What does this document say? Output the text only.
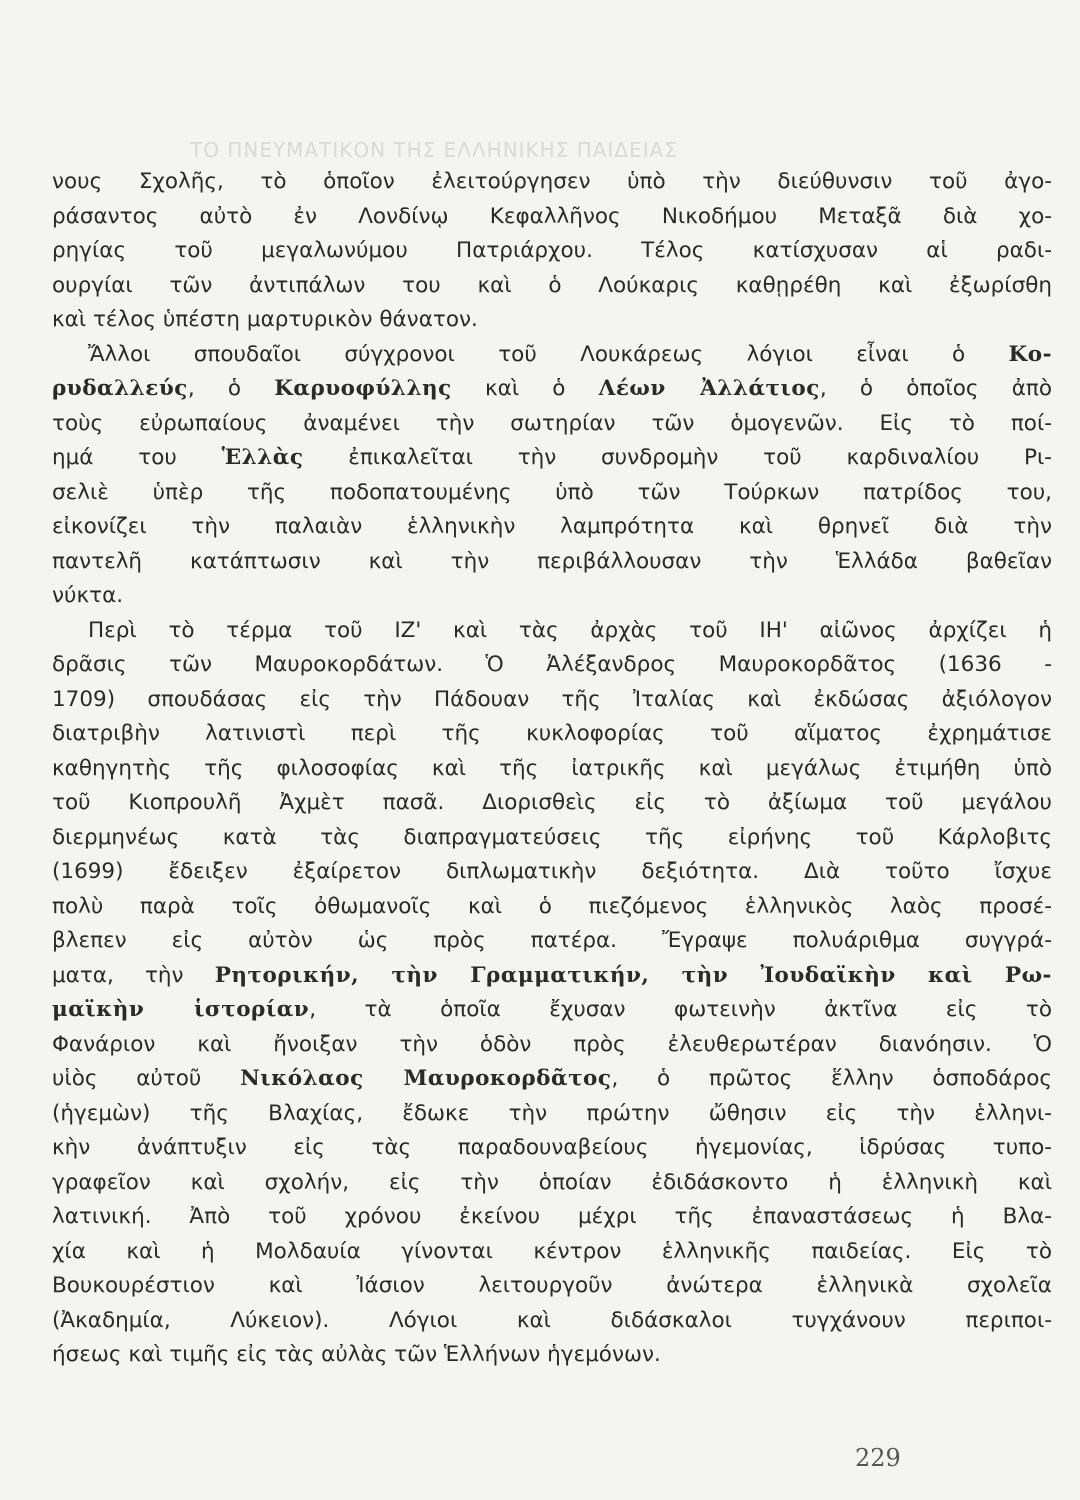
ΤΟ ΠΝΕΥΜΑΤΙΚΟΝ ΤΗΣ ΕΛΛΗΝΙΚΗΣ ΠΑΙΔΕΙΑΣ
νους Σχολῆς, τὸ ὁποῖον ἐλειτούργησεν ὑπὸ τὴν διεύθυνσιν τοῦ ἀγο-
ράσαντος αὐτὸ ἐν Λονδίνῳ Κεφαλλῆνος Νικοδήμου Μεταξᾶ διὰ χο-
ρηγίας τοῦ μεγαλωνύμου Πατριάρχου. Τέλος κατίσχυσαν αἱ ραδι-
ουργίαι τῶν ἀντιπάλων του καὶ ὁ Λούκαρις καθῃρέθη καὶ ἐξωρίσθη
καὶ τέλος ὑπέστη μαρτυρικὸν θάνατον.
Ἄλλοι σπουδαῖοι σύγχρονοι τοῦ Λουκάρεως λόγιοι εἶναι ὁ Κο-
ρυδαλλεύς, ὁ Καρυοφύλλης καὶ ὁ Λέων Ἀλλάτιος, ὁ ὁποῖος ἀπὸ
τοὺς εὐρωπαίους ἀναμένει τὴν σωτηρίαν τῶν ὁμογενῶν. Εἰς τὸ ποί-
ημά του Ἑλλὰς ἐπικαλεῖται τὴν συνδρομὴν τοῦ καρδιναλίου Ρι-
σελιὲ ὑπὲρ τῆς ποδοπατουμένης ὑπὸ τῶν Τούρκων πατρίδος του,
εἰκονίζει τὴν παλαιὰν ἑλληνικὴν λαμπρότητα καὶ θρηνεῖ διὰ τὴν
παντελῆ κατάπτωσιν καὶ τὴν περιβάλλουσαν τὴν Ἑλλάδα βαθεῖαν
νύκτα.
Περὶ τὸ τέρμα τοῦ ΙΖ' καὶ τὰς ἀρχὰς τοῦ ΙΗ' αἰῶνος ἀρχίζει ἡ
δρᾶσις τῶν Μαυροκορδάτων. Ὁ Ἀλέξανδρος Μαυροκορδᾶτος (1636 -
1709) σπουδάσας εἰς τὴν Πάδουαν τῆς Ἰταλίας καὶ ἐκδώσας ἀξιόλογον
διατριβὴν λατινιστὶ περὶ τῆς κυκλοφορίας τοῦ αἵματος ἐχρημάτισε
καθηγητὴς τῆς φιλοσοφίας καὶ τῆς ἰατρικῆς καὶ μεγάλως ἐτιμήθη ὑπὸ
τοῦ Κιοπρουλῆ Ἀχμὲτ πασᾶ. Διορισθεὶς εἰς τὸ ἀξίωμα τοῦ μεγάλου
διερμηνέως κατὰ τὰς διαπραγματεύσεις τῆς εἰρήνης τοῦ Κάρλοβιτς
(1699) ἔδειξεν ἐξαίρετον διπλωματικὴν δεξιότητα. Διὰ τοῦτο ἴσχυε
πολὺ παρὰ τοῖς ὀθωμανοῖς καὶ ὁ πιεζόμενος ἑλληνικὸς λαὸς προσέ-
βλεπεν εἰς αὐτὸν ὡς πρὸς πατέρα. Ἔγραψε πολυάριθμα συγγρά-
ματα, τὴν Ρητορικήν, τὴν Γραμματικήν, τὴν Ἰουδαϊκὴν καὶ Ρω-
μαϊκὴν ἱστορίαν, τὰ ὁποῖα ἔχυσαν φωτεινὴν ἀκτῖνα εἰς τὸ
Φανάριον καὶ ἤνοιξαν τὴν ὁδὸν πρὸς ἐλευθερωτέραν διανόησιν. Ὁ
υἱὸς αὐτοῦ Νικόλαος Μαυροκορδᾶτος, ὁ πρῶτος ἕλλην ὁσποδάρος
(ἡγεμὼν) τῆς Βλαχίας, ἔδωκε τὴν πρώτην ὤθησιν εἰς τὴν ἑλληνι-
κὴν ἀνάπτυξιν εἰς τὰς παραδουναβείους ἡγεμονίας, ἱδρύσας τυπο-
γραφεῖον καὶ σχολήν, εἰς τὴν ὁποίαν ἐδιδάσκοντο ἡ ἑλληνικὴ καὶ
λατινική. Ἀπὸ τοῦ χρόνου ἐκείνου μέχρι τῆς ἐπαναστάσεως ἡ Βλα-
χία καὶ ἡ Μολδαυία γίνονται κέντρον ἑλληνικῆς παιδείας. Εἰς τὸ
Βουκουρέστιον καὶ Ἰάσιον λειτουργοῦν ἀνώτερα ἑλληνικὰ σχολεῖα
(Ἀκαδημία, Λύκειον). Λόγιοι καὶ διδάσκαλοι τυγχάνουν περιποι-
ήσεως καὶ τιμῆς εἰς τὰς αὐλὰς τῶν Ἑλλήνων ἡγεμόνων.
229
